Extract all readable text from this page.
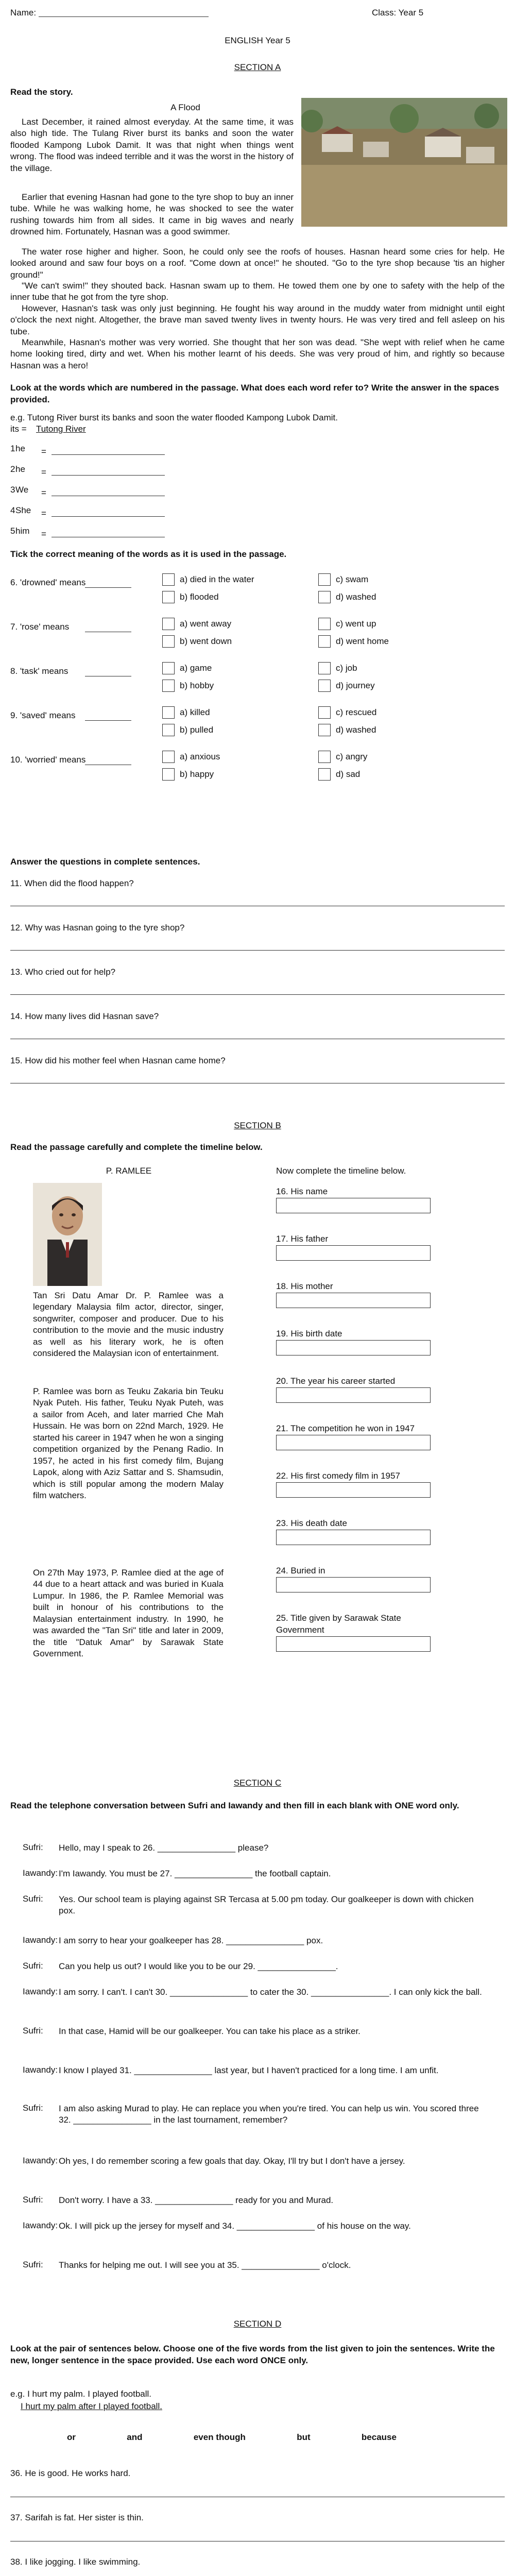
Name:	Class: Year 5
ENGLISH Year 5
SECTION A
Read the story.
A Flood
Last December, it rained almost everyday. At the same time, it was also high tide. The Tulang River burst its banks and soon the water flooded Kampong Lubok Damit. It was that night when things went wrong. The flood was indeed terrible and it was the worst in the history of the village.
Earlier that evening Hasnan had gone to the tyre shop to buy an inner tube. While he was walking home, he was shocked to see the water rushing towards him from all sides. It came in big waves and nearly drowned him. Fortunately, Hasnan was a good swimmer.
The water rose higher and higher. Soon, he could only see the roofs of houses. Hasnan heard some cries for help. He looked around and saw four boys on a roof. "Come down at once!" he shouted. "Go to the tyre shop because 'tis an higher ground!"
"We can't swim!" they shouted back. Hasnan swam up to them. He towed them one by one to safety with the help of the inner tube that he got from the tyre shop.
However, Hasnan's task was only just beginning. He fought his way around in the muddy water from midnight until eight o'clock the next night. Altogether, the brave man saved twenty lives in twenty hours. He was very tired and fell asleep on his tube.
Meanwhile, Hasnan's mother was very worried. She thought that her son was dead. "She wept with relief when he came home looking tired, dirty and wet. When his mother learnt of his deeds. She was very proud of him, and rightly so because Hasnan was a hero!
Look at the words which are numbered in the passage. What does each word refer to? Write the answer in the spaces provided.
e.g. Tutong River burst its banks and soon the water flooded Kampong Lubok Damit.
its = Tutong River
1 he =
2 he =
3 We =
4 She =
5 him =
Tick the correct meaning of the words as it is used in the passage.
6. 'drowned' means	a) died in the water
b) flooded
c) swam
d) washed
7. 'rose' means	a) went away
b) went down
c) went up
d) went home
8. 'task' means	a) game
b) hobby
c) job
d) journey
9. 'saved' means	a) killed
b) pulled
c) rescued
d) washed
10. 'worried' means	a) anxious
b) happy
c) angry
d) sad
Answer the questions in complete sentences.
11. When did the flood happen?
12. Why was Hasnan going to the tyre shop?
13. Who cried out for help?
14. How many lives did Hasnan save?
15. How did his mother feel when Hasnan came home?
SECTION B
Read the passage carefully and complete the timeline below.
P. RAMLEE
Tan Sri Datu Amar Dr. P. Ramlee was a legendary Malaysia film actor, director, singer, songwriter, composer and producer. Due to his contribution to the movie and the music industry as well as his literary work, he is often considered the Malaysian icon of entertainment.
P. Ramlee was born as Teuku Zakaria bin Teuku Nyak Puteh. His father, Teuku Nyak Puteh, was a sailor from Aceh, and later married Che Mah Hussain. He was born on 22nd March, 1929. He started his career in 1947 when he won a singing competition organized by the Penang Radio. In 1957, he acted in his first comedy film, Bujang Lapok, along with Aziz Sattar and S. Shamsudin, which is still popular among the modern Malay film watchers.
On 27th May 1973, P. Ramlee died at the age of 44 due to a heart attack and was buried in Kuala Lumpur. In 1986, the P. Ramlee Memorial was built in honour of his contributions to the Malaysian entertainment industry. In 1990, he was awarded the "Tan Sri" title and later in 2009, the title "Datuk Amar" by Sarawak State Government.
Now complete the timeline below.
16. His name
17. His father
18. His mother
19. His birth date
20. The year his career started
21. The competition he won in 1947
22. His first comedy film in 1957
23. His death date
24. Buried in
25. Title given by Sarawak State Government
SECTION C
Read the telephone conversation between Sufri and Iawandy and then fill in each blank with ONE word only.
Sufri:	Hello, may I speak to 26. ________________ please?
Iawandy: I'm Iawandy. You must be 27. ________________ the football captain.
Sufri:	Yes. Our school team is playing against SR Tercasa at 5.00 pm today. Our goalkeeper is down with chicken pox.
Iawandy: I am sorry to hear your goalkeeper has 28. ________________ pox.
Sufri:	Can you help us out? I would like you to be our 29. ________________.
Iawandy: I am sorry. I can't. I can't 30. ________________ to cater the 30. ________________. I can only kick the ball.
Sufri:	In that case, Hamid will be our goalkeeper. You can take his place as a striker.
Iawandy: I know I played 31. ________________ last year, but I haven't practiced for a long time. I am unfit.
Sufri:	I am also asking Murad to play. He can replace you when you're tired. You can help us win. You scored three 32. ________________ in the last tournament, remember?
Iawandy: Oh yes, I do remember scoring a few goals that day. Okay, I'll try but I don't have a jersey.
Sufri:	Don't worry. I have a 33. ________________ ready for you and Murad.
Iawandy: Ok. I will pick up the jersey for myself and 34. ________________ of his house on the way.
Sufri:	Thanks for helping me out. I will see you at 35. ________________ o'clock.
SECTION D
Look at the pair of sentences below. Choose one of the five words from the list given to join the sentences. Write the new, longer sentence in the space provided. Use each word ONCE only.
e.g. I hurt my palm. I played football.
I hurt my palm after I played football.
or	and	even though	but	because
36. He is good. He works hard.
37. Sarifah is fat. Her sister is thin.
38. I like jogging. I like swimming.
